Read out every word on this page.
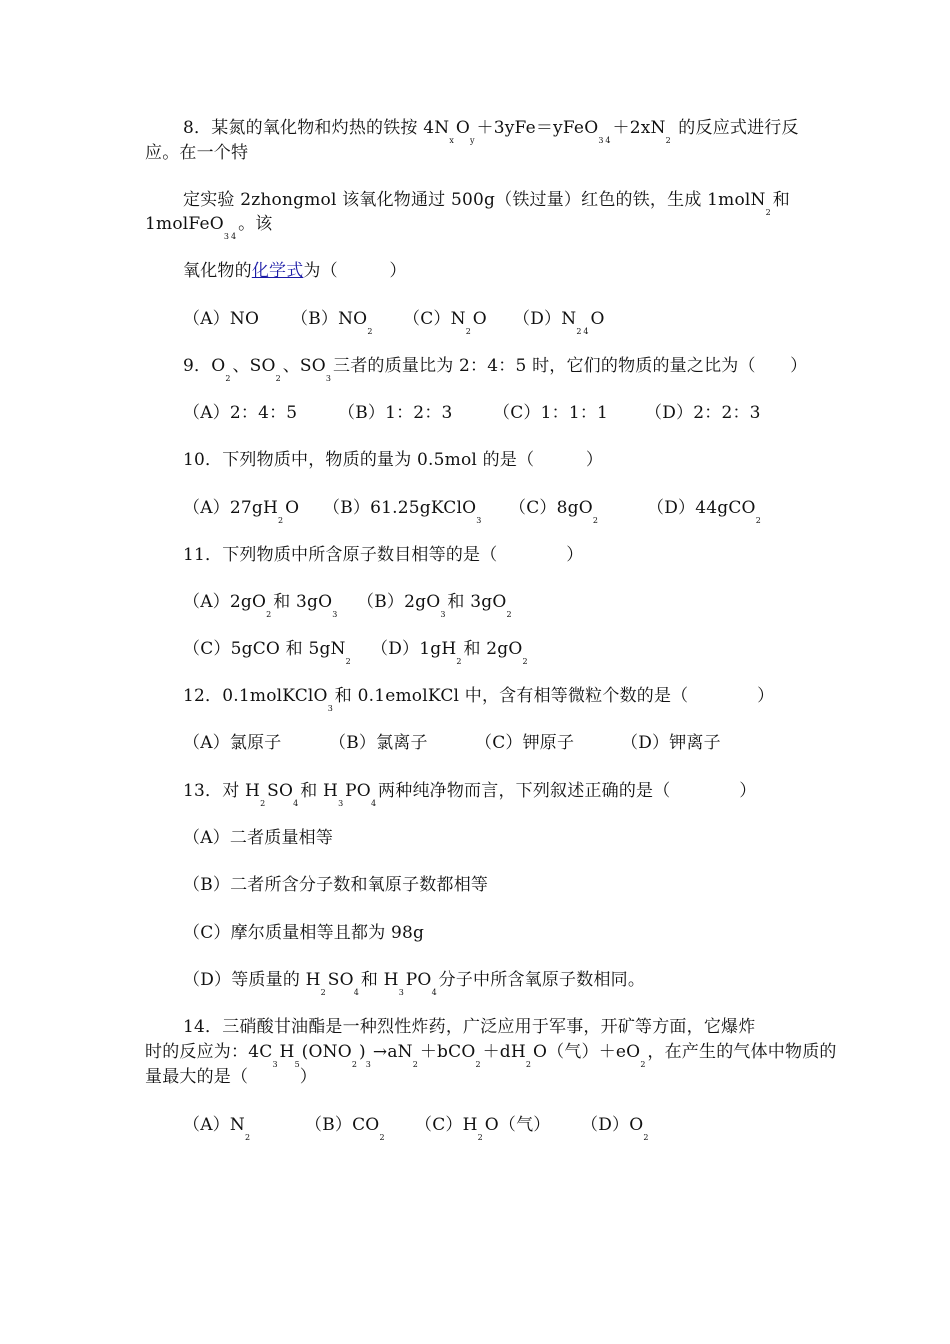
8．某氮的氧化物和灼热的铁按 $4N_xO_y+3yFe=yFeO_{34}+2xN_2$ 的反应式进行反
应。在一个特
定实验 2zhongmol 该氧化物通过 500g（铁过量）红色的铁，生成 1molN$_2$和
1molFeO$_{34}$。该
氧化物的化学式为（　　　）
（A）NO $(B)NO_2(C)N_2O$ $(D)N_{24}O$
9．$O_2$、$SO_2$、$SO_3$三者的质量比为 2：4：5 时，它们的物质的量之比为（　　）
（A）2：4：5 （B）1：2：3 （C）1：1：1 （D）2：2：3
10．下列物质中，物质的量为 0.5mol 的是（　　　）
$(A)27gH_2O$ $(B)61.25gKClO_3(C)8gO_2(D)44gCO_2$
11．下列物质中所含原子数目相等的是（　　　　）
$(A)2gO_2$和 $3gO_3(B)2gO_3$和 $3gO_2$
（C）5gCO 和 $5gN_2(D)1gH_2$和 $2gO_2$
12．0.1molKClO$_3$和 0.1emolKCl 中，含有相等微粒个数的是（　　　　）
（A）氯原子	（B）氯离子	（C）钾原子	（D）钾离子
13．对 $H_2SO_4$和 $H_3PO_4$两种纯净物而言，下列叙述正确的是（　　　　）
（A）二者质量相等
（B）二者所含分子数和氧原子数都相等
（C）摩尔质量相等且都为 98g
（D）等质量的 $H_2SO_4$和 $H_3PO_4$分子中所含氧原子数相同。
14．三硝酸甘油酯是一种烈性炸药，广泛应用于军事，开矿等方面，它爆炸
时的反应为：$4C_3H_5(ONO_2)_3\to aN_2+bCO_2+dH_2O$（气）$+eO_2$，在产生的气体中物质的
量最大的是（　　　）
$(A)N_2(B)CO_2(C)H_2O$（气） $(D)O_2$
